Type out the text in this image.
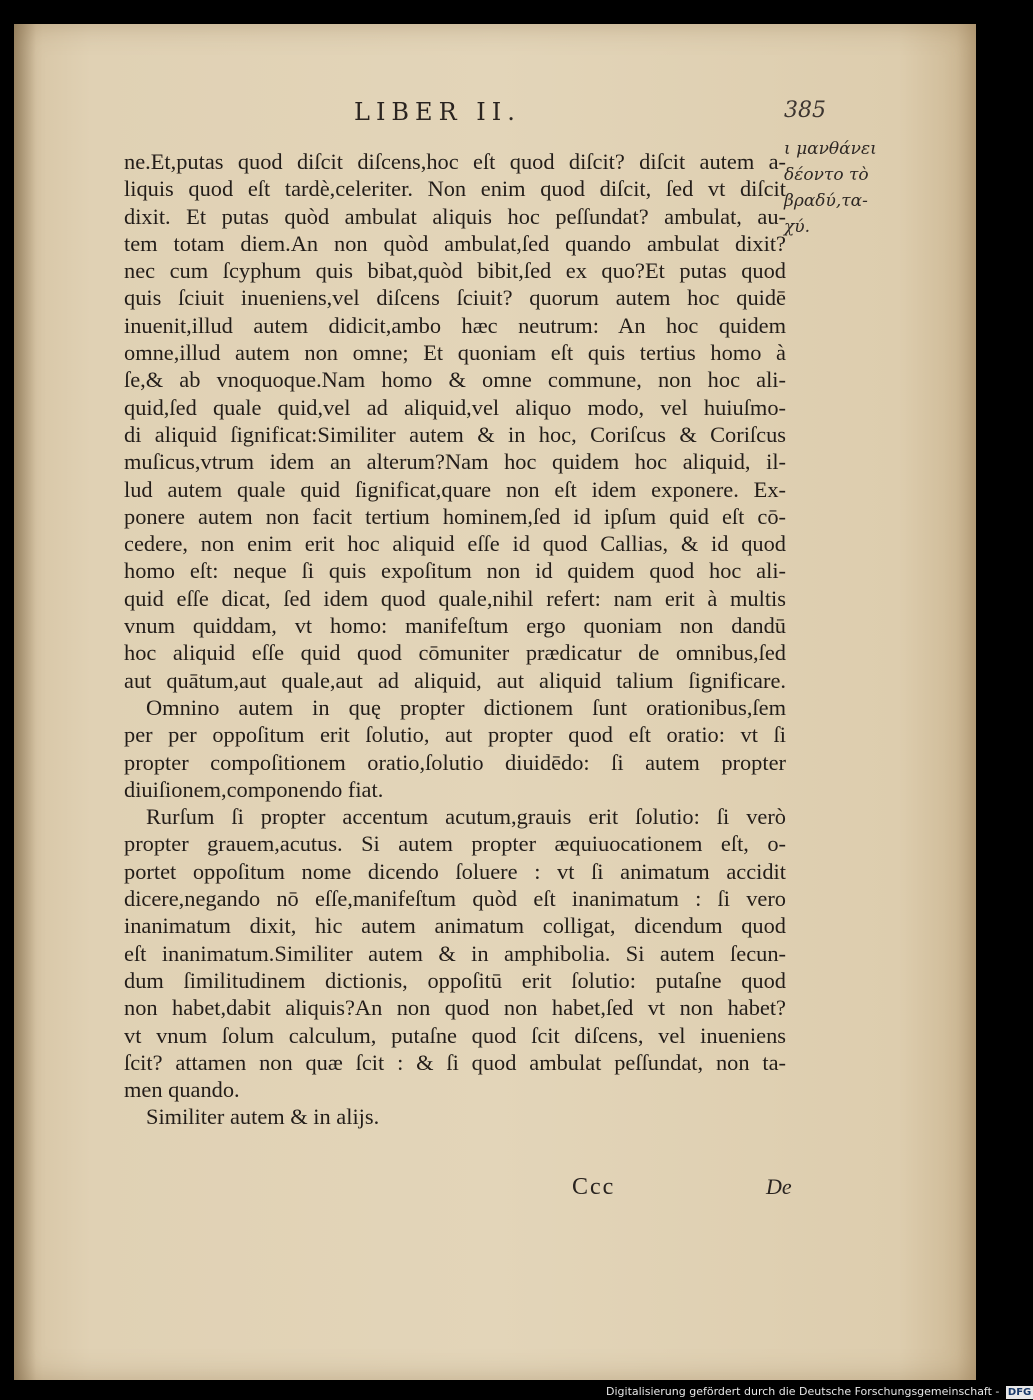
LIBER II.	385
ι μανθάνει
δέοντο τὸ
βραδύ,τα-
χύ.
ne.Et,putas quod diſcit diſcens,hoc eſt quod diſcit? diſcit autem a-
liquis quod eſt tardè,celeriter. Non enim quod diſcit, ſed vt diſcit
dixit. Et putas quòd ambulat aliquis hoc peſſundat? ambulat, au-
tem totam diem.An non quòd ambulat,ſed quando ambulat dixit?
nec cum ſcyphum quis bibat,quòd bibit,ſed ex quo?Et putas quod
quis ſciuit inueniens,vel diſcens ſciuit? quorum autem hoc quidē
inuenit,illud autem didicit,ambo hæc neutrum: An hoc quidem
omne,illud autem non omne; Et quoniam eſt quis tertius homo à
ſe,& ab vnoquoque.Nam homo & omne commune, non hoc ali-
quid,ſed quale quid,vel ad aliquid,vel aliquo modo, vel huiuſmo-
di aliquid ſignificat:Similiter autem & in hoc, Coriſcus & Coriſcus
muſicus,vtrum idem an alterum?Nam hoc quidem hoc aliquid, il-
lud autem quale quid ſignificat,quare non eſt idem exponere. Ex-
ponere autem non facit tertium hominem,ſed id ipſum quid eſt cō-
cedere, non enim erit hoc aliquid eſſe id quod Callias, & id quod
homo eſt: neque ſi quis expoſitum non id quidem quod hoc ali-
quid eſſe dicat, ſed idem quod quale,nihil refert: nam erit à multis
vnum quiddam, vt homo: manifeſtum ergo quoniam non dandū
hoc aliquid eſſe quid quod cōmuniter prædicatur de omnibus,ſed
aut quātum,aut quale,aut ad aliquid, aut aliquid talium ſignificare.
Omnino autem in quę propter dictionem ſunt orationibus,ſem
per per oppoſitum erit ſolutio, aut propter quod eſt oratio: vt ſi
propter compoſitionem oratio,ſolutio diuidēdo: ſi autem propter
diuiſionem,componendo fiat.
Rurſum ſi propter accentum acutum,grauis erit ſolutio: ſi verò
propter grauem,acutus. Si autem propter æquiuocationem eſt, o-
portet oppoſitum nome dicendo ſoluere : vt ſi animatum accidit
dicere,negando nō eſſe,manifeſtum quòd eſt inanimatum : ſi vero
inanimatum dixit, hic autem animatum colligat, dicendum quod
eſt inanimatum.Similiter autem & in amphibolia. Si autem ſecun-
dum ſimilitudinem dictionis, oppoſitū erit ſolutio: putaſne quod
non habet,dabit aliquis?An non quod non habet,ſed vt non habet?
vt vnum ſolum calculum, putaſne quod ſcit diſcens, vel inueniens
ſcit? attamen non quæ ſcit : & ſi quod ambulat peſſundat, non ta-
men quando.
Similiter autem & in alijs.
Ccc	De
Digitalisierung gefördert durch die Deutsche Forschungsgemeinschaft - DFG
